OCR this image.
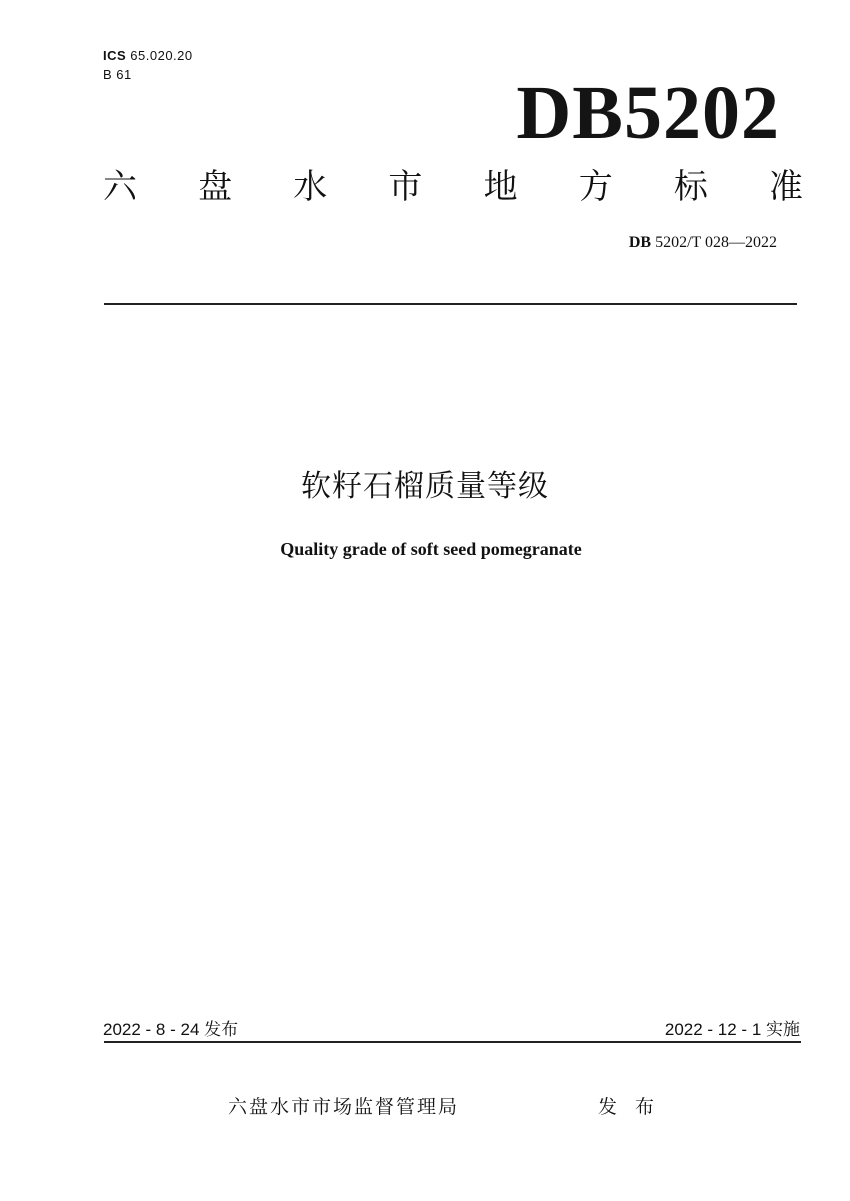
ICS 65.020.20
B 61	DB5202
六 盘 水 市 地 方 标 准
DB 5202/T 028—2022
软籽石榴质量等级
Quality grade of soft seed pomegranate
2022 - 8 - 24 发布	2022 - 12 - 1 实施
六盘水市市场监督管理局	发 布
